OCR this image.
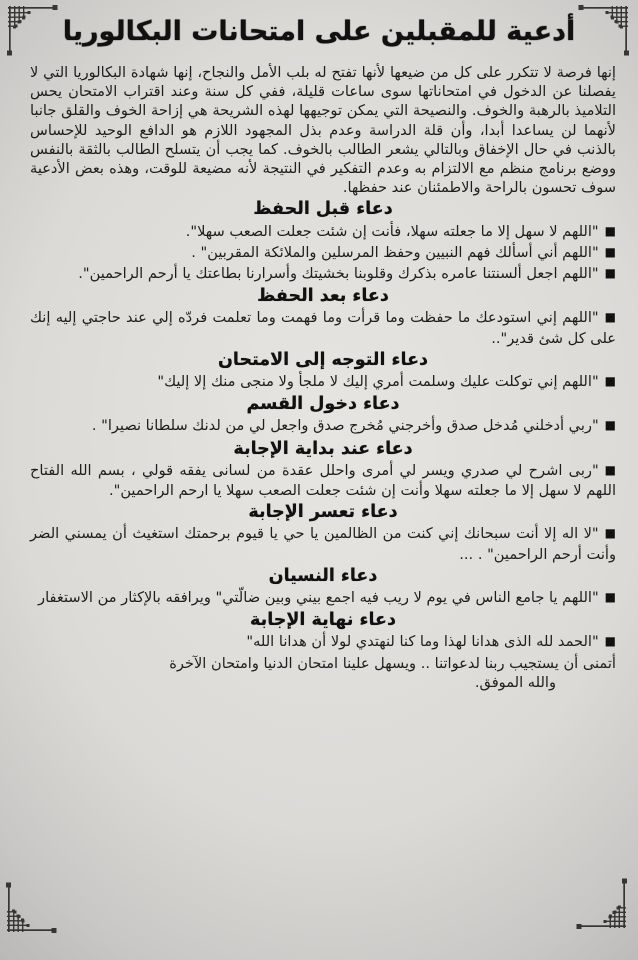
أدعية للمقبلين على امتحانات البكالوريا

إنها فرصة لا تتكرر على كل من ضيعها لأنها تفتح له بلب الأمل والنجاح، إنها شهادة البكالوريا التي لا يفصلنا عن الدخول في امتحاناتها سوى ساعات قليلة، ففي كل سنة وعند اقتراب الامتحان يحس التلاميذ بالرهبة والخوف. والنصيحة التي يمكن توجيهها لهذه الشريحة هي إزاحة الخوف والقلق جانبا لأنهما لن يساعدا أبدا، وأن قلة الدراسة وعدم بذل المجهود اللازم هو الدافع الوحيد للإحساس بالذنب في حال الإخفاق وبالتالي يشعر الطالب بالخوف. كما يجب أن يتسلح الطالب بالثقة بالنفس ووضع برنامج منظم مع الالتزام به وعدم التفكير في النتيجة لأنه مضيعة للوقت، وهذه بعض الأدعية سوف تحسون بالراحة والاطمئنان عند حفظها.

دعاء قبل الحفظ

■"اللهم لا سهل إلا ما جعلته سهلا، فأنت إن شئت جعلت الصعب سهلا".

■"اللهم أني أسألك فهم النبيين وحفظ المرسلين والملائكة المقربين" .

■"اللهم اجعل ألسنتنا عامره بذكرك وقلوبنا بخشيتك وأسرارنا بطاعتك يا أرحم الراحمين".

دعاء بعد الحفظ

■"اللهم إني استودعك ما حفظت وما قرأت وما فهمت وما تعلمت فردّه إلي عند حاجتي إليه إنك على كل شئ قدير"..

دعاء التوجه إلى الامتحان

■"اللهم إني توكلت عليك وسلمت أمري إليك لا ملجأ ولا منجى منك إلا إليك"

دعاء دخول القسم

■"ربي أدخلني مُدخل صدق وأخرجني مُخرج صدق واجعل لي من لدنك سلطانا نصيرا" .

دعاء عند بداية الإجابة

■"ربى اشرح لي صدري ويسر لي أمرى واحلل عقدة من لسانى يفقه قولي ، بسم الله الفتاح اللهم لا سهل إلا ما جعلته سهلا وأنت إن شئت جعلت الصعب سهلا يا ارحم الراحمين".

دعاء تعسر الإجابة

■"لا اله إلا أنت سبحانك إني كنت من الظالمين يا حي يا قيوم برحمتك استغيث أن يمسني الضر وأنت أرحم الراحمين" . ...

دعاء النسيان

■"اللهم يا جامع الناس في يوم لا ريب فيه اجمع بيني وبين ضالّتي" ويرافقه بالإكثار من الاستغفار

دعاء نهاية الإجابة

■"الحمد لله الذى هدانا لهذا وما كنا لنهتدي لولا أن هدانا الله"

أتمنى أن يستجيب ربنا لدعواتنا .. ويسهل علينا امتحان الدنيا وامتحان الآخرة

والله الموفق.
